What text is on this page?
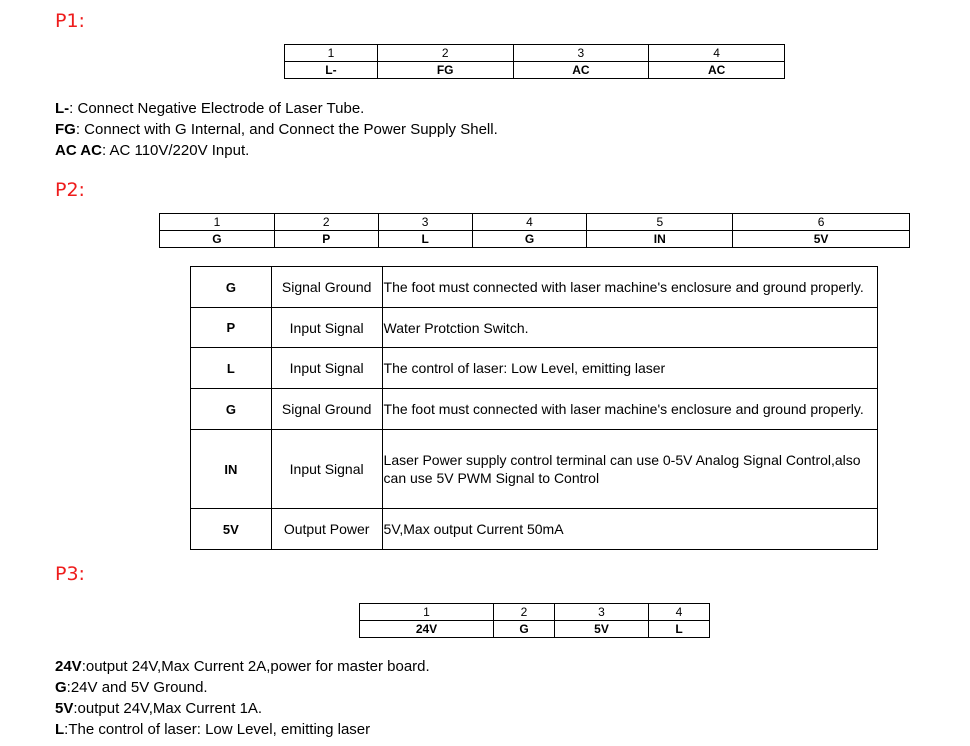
P1:
1	2	3	4
L-	FG	AC	AC
L-: Connect Negative Electrode of Laser Tube.
FG: Connect with G Internal, and Connect the Power Supply Shell.
AC AC: AC 110V/220V Input.
P2:
1	2	3	4	5	6
G	P	L	G	IN	5V
G	Signal Ground	The foot must connected with laser machine's enclosure and ground properly.
P	Input Signal	Water Protction Switch.
L	Input Signal	The control of laser: Low Level, emitting laser
G	Signal Ground	The foot must connected with laser machine's enclosure and ground properly.
IN	Input Signal	Laser Power supply control terminal can use 0-5V Analog Signal Control,also can use 5V PWM Signal to Control
5V	Output Power	5V,Max output Current 50mA
P3:
1	2	3	4
24V	G	5V	L
24V:output 24V,Max Current 2A,power for master board.
G:24V and 5V Ground.
5V:output 24V,Max Current 1A.
L:The control of laser: Low Level, emitting laser
